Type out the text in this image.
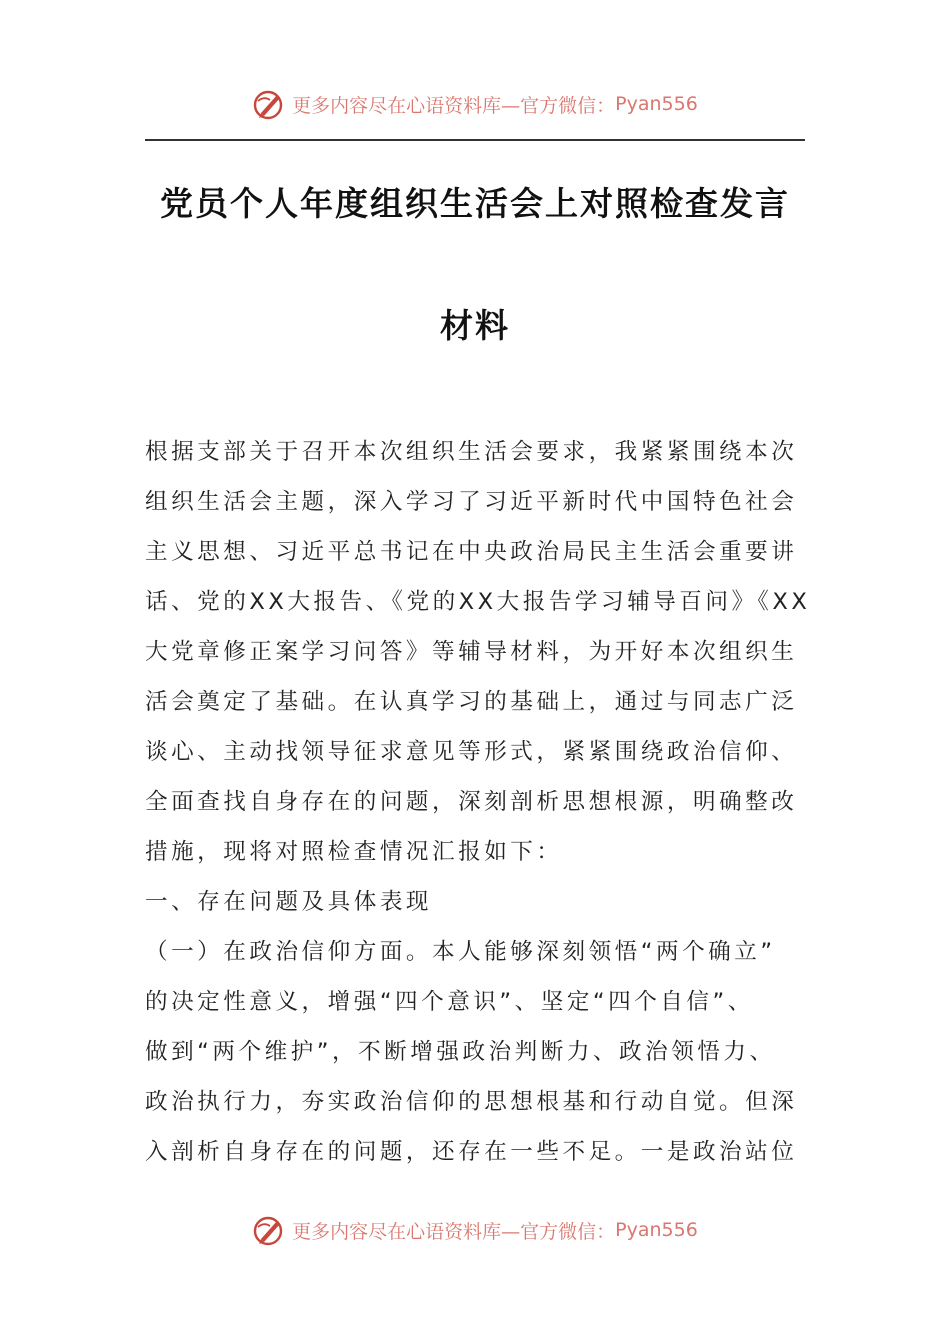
更多内容尽在心语资料库—官方微信： Pyan556
党员个人年度组织生活会上对照检查发言
材料
根据支部关于召开本次组织生活会要求，我紧紧围绕本次
组织生活会主题，深入学习了习近平新时代中国特色社会
主义思想、习近平总书记在中央政治局民主生活会重要讲
话、党的XX大报告、《党的XX大报告学习辅导百问》《XX
大党章修正案学习问答》等辅导材料，为开好本次组织生
活会奠定了基础。在认真学习的基础上，通过与同志广泛
谈心、主动找领导征求意见等形式，紧紧围绕政治信仰、
全面查找自身存在的问题，深刻剖析思想根源，明确整改
措施，现将对照检查情况汇报如下：
一、存在问题及具体表现
（一）在政治信仰方面。本人能够深刻领悟“两个确立”
的决定性意义，增强“四个意识”、坚定“四个自信”、
做到“两个维护”，不断增强政治判断力、政治领悟力、
政治执行力，夯实政治信仰的思想根基和行动自觉。但深
入剖析自身存在的问题，还存在一些不足。一是政治站位
更多内容尽在心语资料库—官方微信： Pyan556
